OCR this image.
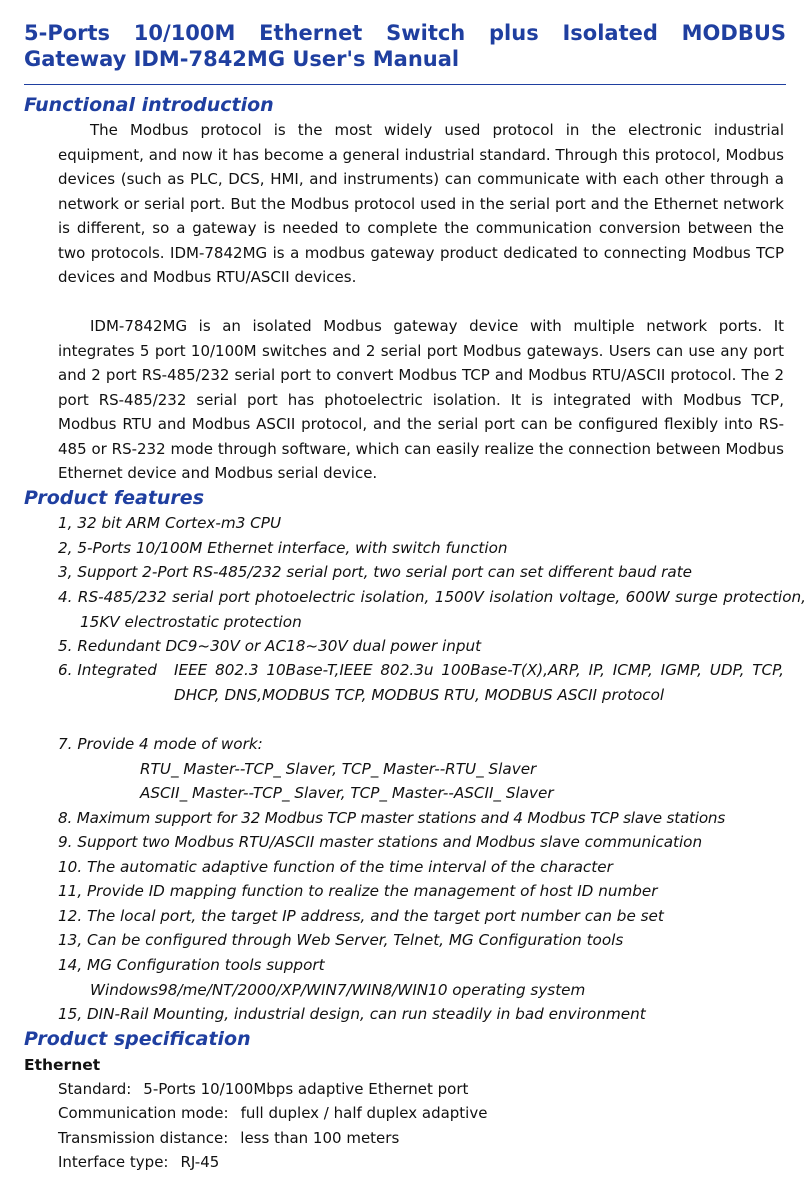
5-Ports 10/100M Ethernet Switch plus Isolated MODBUS Gateway IDM-7842MG User's Manual
Functional introduction

The Modbus protocol is the most widely used protocol in the electronic industrial equipment, and now it has become a general industrial standard. Through this protocol, Modbus devices (such as PLC, DCS, HMI, and instruments) can communicate with each other through a network or serial port. But the Modbus protocol used in the serial port and the Ethernet network is different, so a gateway is needed to complete the communication conversion between the two protocols. IDM-7842MG is a modbus gateway product dedicated to connecting Modbus TCP devices and Modbus RTU/ASCII devices.

IDM-7842MG is an isolated Modbus gateway device with multiple network ports. It integrates 5 port 10/100M switches and 2 serial port Modbus gateways. Users can use any port and 2 port RS-485/232 serial port to convert Modbus TCP and Modbus RTU/ASCII protocol. The 2 port RS-485/232 serial port has photoelectric isolation. It is integrated with Modbus TCP, Modbus RTU and Modbus ASCII protocol, and the serial port can be configured flexibly into RS-485 or RS-232 mode through software, which can easily realize the connection between Modbus Ethernet device and Modbus serial device.

Product features

1, 32 bit ARM Cortex-m3 CPU

2, 5-Ports 10/100M Ethernet interface, with switch function

3, Support 2-Port RS-485/232 serial port, two serial port can set different baud rate

4. RS-485/232 serial port photoelectric isolation, 1500V isolation voltage, 600W surge protection, 15KV electrostatic protection

5. Redundant DC9~30V or AC18~30V dual power input

6. Integrated IEEE 802.3 10Base-T,IEEE 802.3u 100Base-T(X),ARP, IP, ICMP, IGMP, UDP, TCP, DHCP, DNS,MODBUS TCP, MODBUS RTU, MODBUS ASCII protocol

7. Provide 4 mode of work:

RTU_ Master--TCP_ Slaver, TCP_ Master--RTU_ Slaver

ASCII_ Master--TCP_ Slaver, TCP_ Master--ASCII_ Slaver

8. Maximum support for 32 Modbus TCP master stations and 4 Modbus TCP slave stations

9. Support two Modbus RTU/ASCII master stations and Modbus slave communication

10. The automatic adaptive function of the time interval of the character

11, Provide ID mapping function to realize the management of host ID number

12. The local port, the target IP address, and the target port number can be set

13, Can be configured through Web Server, Telnet, MG Configuration tools

14, MG Configuration tools support

Windows98/me/NT/2000/XP/WIN7/WIN8/WIN10 operating system

15, DIN-Rail Mounting, industrial design, can run steadily in bad environment

Product specification

Ethernet

Standard: 5-Ports 10/100Mbps adaptive Ethernet port

Communication mode: full duplex / half duplex adaptive

Transmission distance: less than 100 meters

Interface type: RJ-45
